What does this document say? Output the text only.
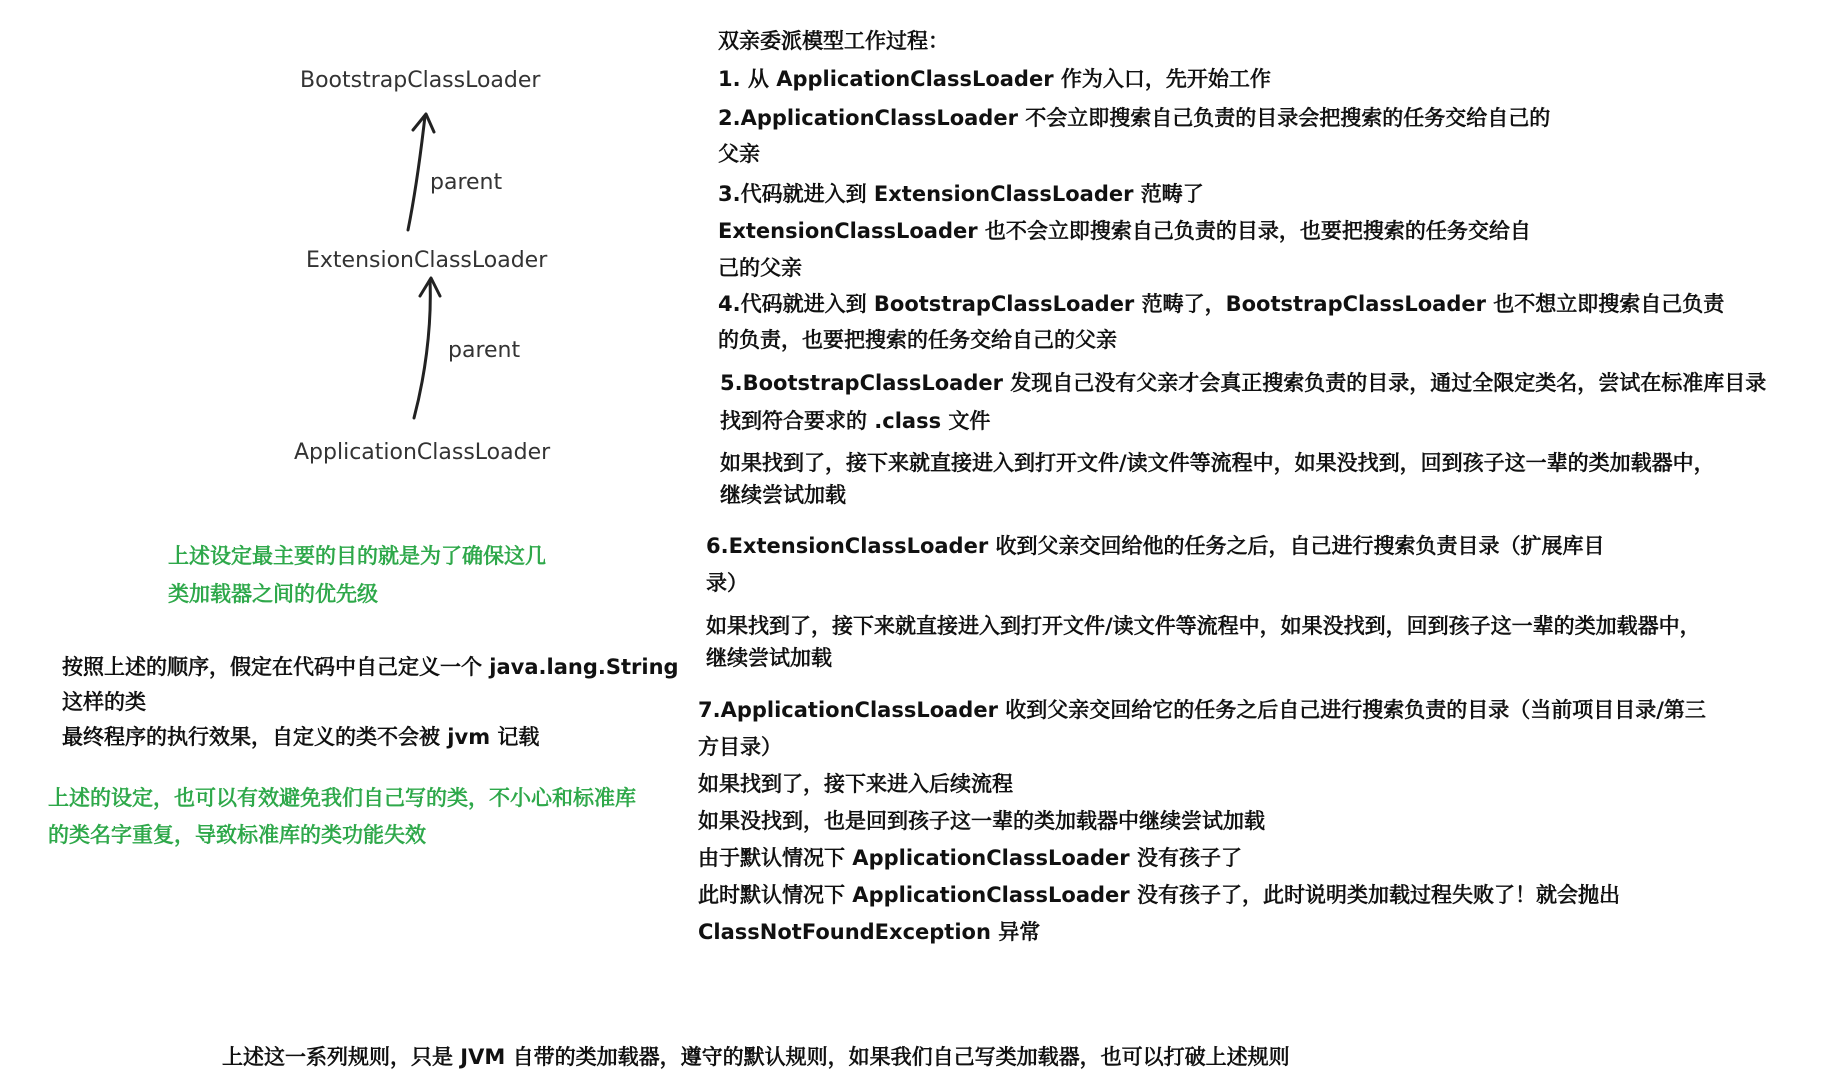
BootstrapClassLoader
parent
ExtensionClassLoader
parent
ApplicationClassLoader
上述设定最主要的目的就是为了确保这几
类加载器之间的优先级
按照上述的顺序，假定在代码中自己定义一个 java.lang.String
这样的类
最终程序的执行效果，自定义的类不会被 jvm 记载
上述的设定，也可以有效避免我们自己写的类，不小心和标准库
的类名字重复，导致标准库的类功能失效
双亲委派模型工作过程：
1. 从 ApplicationClassLoader 作为入口，先开始工作
2.ApplicationClassLoader 不会立即搜索自己负责的目录会把搜索的任务交给自己的
父亲
3.代码就进入到 ExtensionClassLoader 范畴了
ExtensionClassLoader 也不会立即搜索自己负责的目录，也要把搜索的任务交给自
己的父亲
4.代码就进入到 BootstrapClassLoader 范畴了，BootstrapClassLoader 也不想立即搜索自己负责
的负责，也要把搜索的任务交给自己的父亲
5.BootstrapClassLoader 发现自己没有父亲才会真正搜索负责的目录，通过全限定类名，尝试在标准库目录
找到符合要求的 .class 文件
如果找到了，接下来就直接进入到打开文件/读文件等流程中，如果没找到，回到孩子这一辈的类加载器中，
继续尝试加载
6.ExtensionClassLoader 收到父亲交回给他的任务之后，自己进行搜索负责目录（扩展库目
录）
如果找到了，接下来就直接进入到打开文件/读文件等流程中，如果没找到，回到孩子这一辈的类加载器中，
继续尝试加载
7.ApplicationClassLoader 收到父亲交回给它的任务之后自己进行搜索负责的目录（当前项目目录/第三
方目录）
如果找到了，接下来进入后续流程
如果没找到，也是回到孩子这一辈的类加载器中继续尝试加载
由于默认情况下 ApplicationClassLoader 没有孩子了
此时默认情况下 ApplicationClassLoader 没有孩子了，此时说明类加载过程失败了！就会抛出
ClassNotFoundException 异常
上述这一系列规则，只是 JVM 自带的类加载器，遵守的默认规则，如果我们自己写类加载器，也可以打破上述规则
